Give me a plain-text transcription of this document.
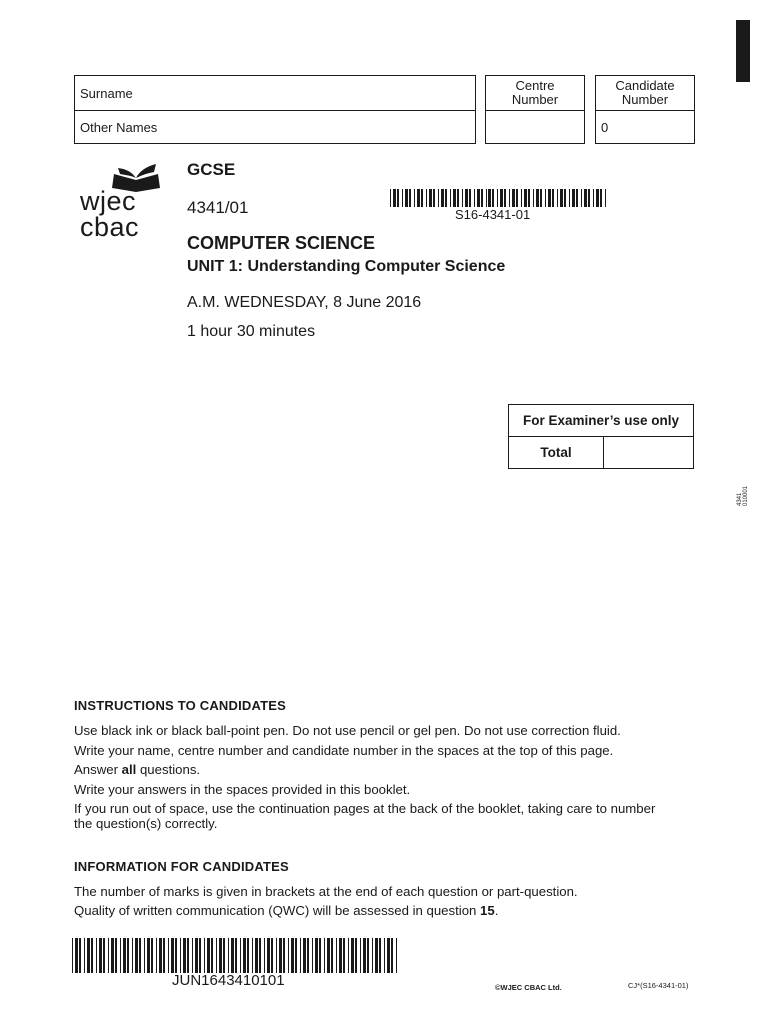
Surname
Other Names
Centre
Number
Candidate
Number
0
wjec
cbac
GCSE
4341/01	S16-4341-01
COMPUTER SCIENCE
UNIT 1: Understanding Computer Science
A.M. WEDNESDAY, 8 June 2016
1 hour 30 minutes
For Examiner’s use only
Total	
4341 010001
INSTRUCTIONS TO CANDIDATES
Use black ink or black ball-point pen. Do not use pencil or gel pen. Do not use correction fluid.
Write your name, centre number and candidate number in the spaces at the top of this page.
Answer all questions.
Write your answers in the spaces provided in this booklet.
If you run out of space, use the continuation pages at the back of the booklet, taking care to number
the question(s) correctly.
INFORMATION FOR CANDIDATES
The number of marks is given in brackets at the end of each question or part-question.
Quality of written communication (QWC) will be assessed in question 15.
JUN1643410101	©WJEC CBAC Ltd.	CJ*(S16-4341-01)
